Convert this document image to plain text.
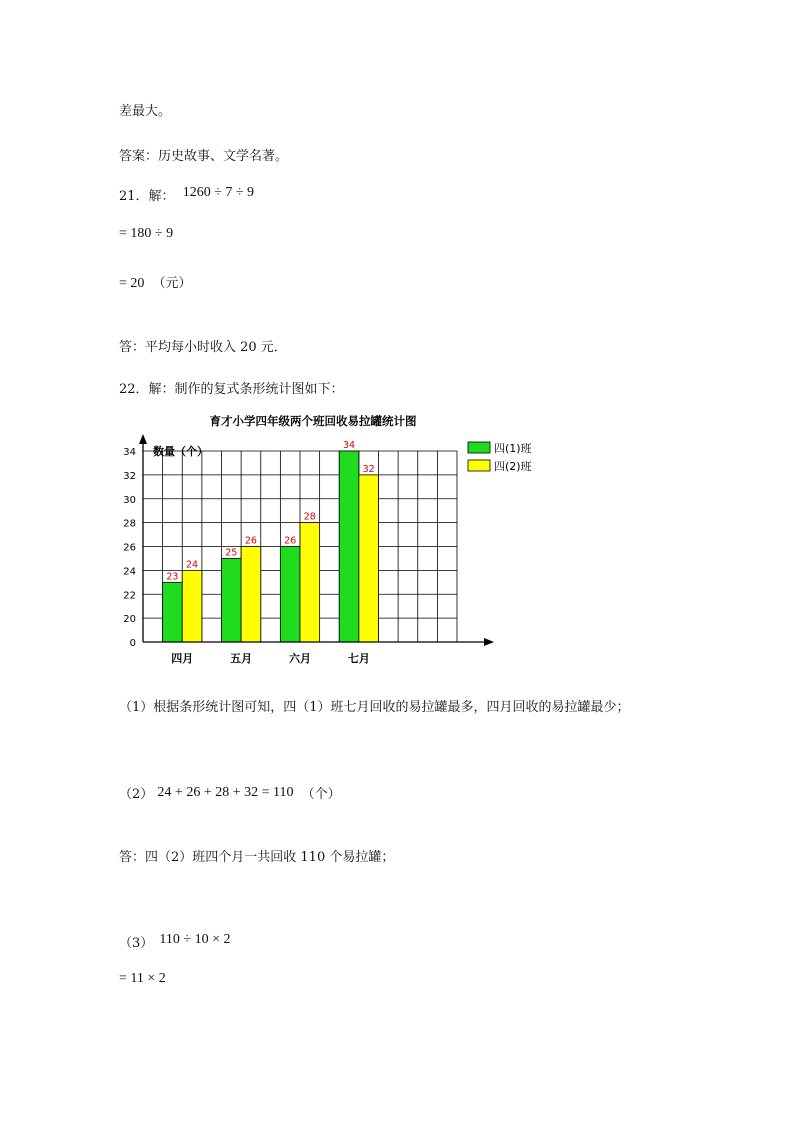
差最大。
答案：历史故事、文学名著。
21．解： 1260 ÷ 7 ÷ 9
= 180 ÷ 9
= 20 （元）
答：平均每小时收入 20 元．
22．解：制作的复式条形统计图如下：
育才小学四年级两个班回收易拉罐统计图
0
20
22
24
26
28
30
32
34
四月	五月	六月	七月
数量（个）
23
24
25
26	26
28
34
32
四(1)班
四(2)班
（1）根据条形统计图可知，四（1）班七月回收的易拉罐最多，四月回收的易拉罐最少；
（2） 24 + 26 + 28 + 32 = 110 （个）
答：四（2）班四个月一共回收 110 个易拉罐；
（3） 110 ÷ 10 × 2
= 11 × 2
